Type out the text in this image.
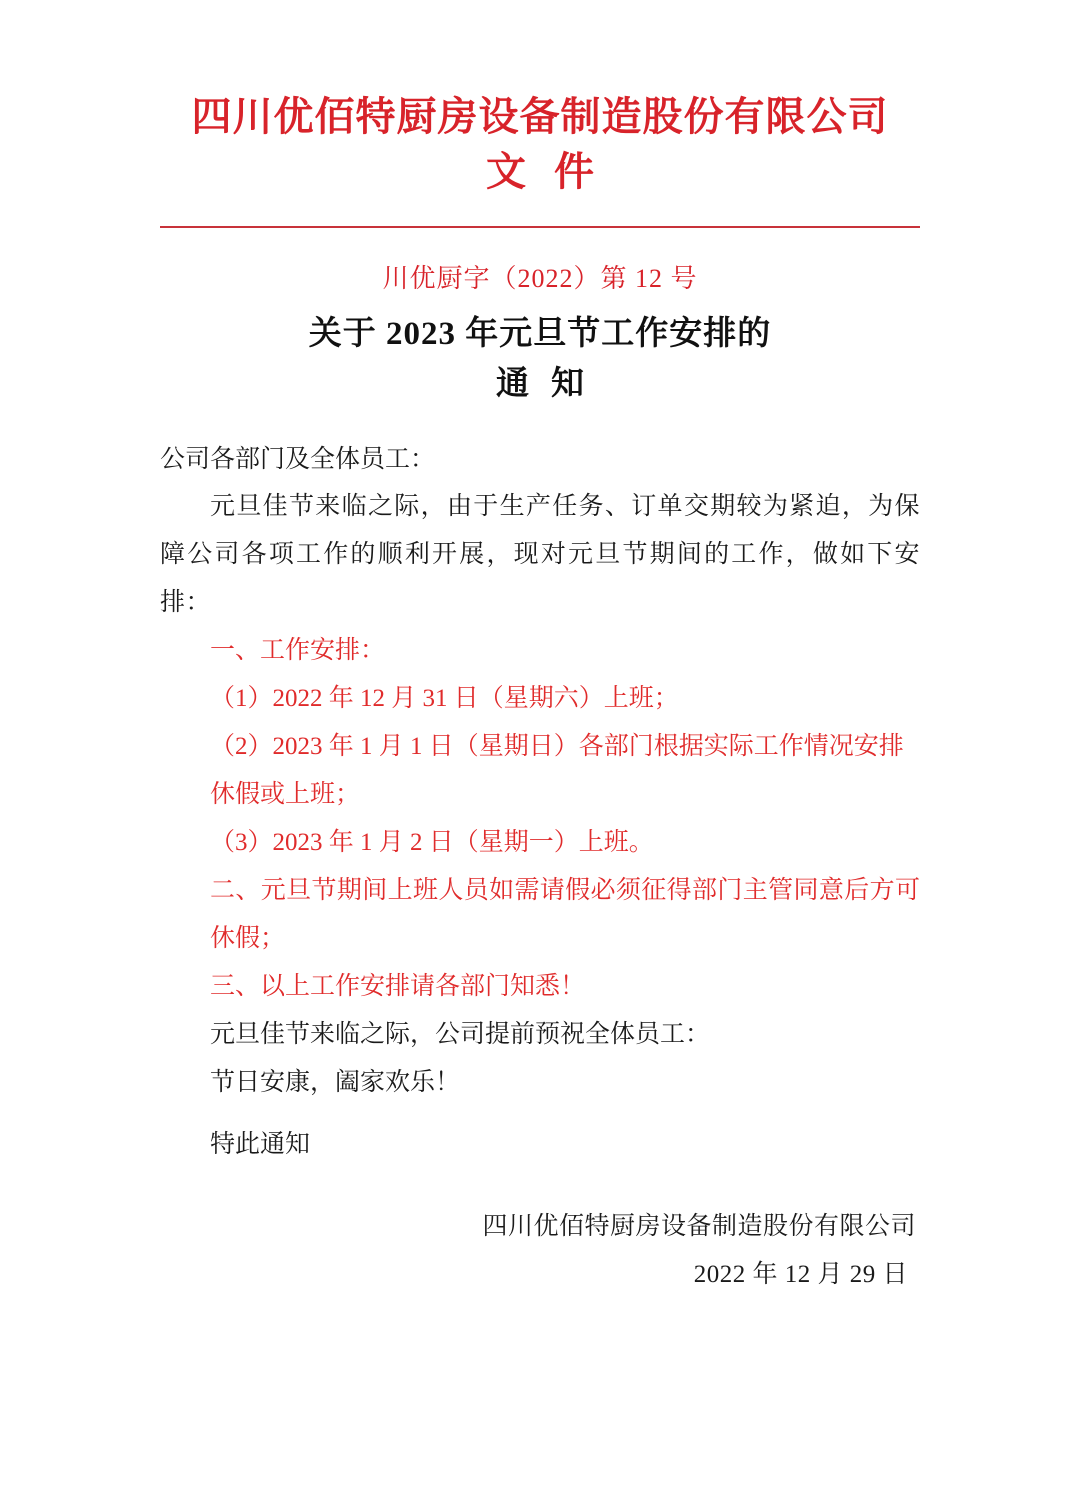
四川优佰特厨房设备制造股份有限公司
文件
川优厨字（2022）第 12 号
关于 2023 年元旦节工作安排的
通知
公司各部门及全体员工：
元旦佳节来临之际，由于生产任务、订单交期较为紧迫，为保障公司各项工作的顺利开展，现对元旦节期间的工作，做如下安排：
一、工作安排：
（1）2022 年 12 月 31 日（星期六）上班；
（2）2023 年 1 月 1 日（星期日）各部门根据实际工作情况安排休假或上班；
（3）2023 年 1 月 2 日（星期一）上班。
二、元旦节期间上班人员如需请假必须征得部门主管同意后方可休假；
三、以上工作安排请各部门知悉！
元旦佳节来临之际，公司提前预祝全体员工：
节日安康，阖家欢乐！
特此通知
四川优佰特厨房设备制造股份有限公司
2022 年 12 月 29 日
